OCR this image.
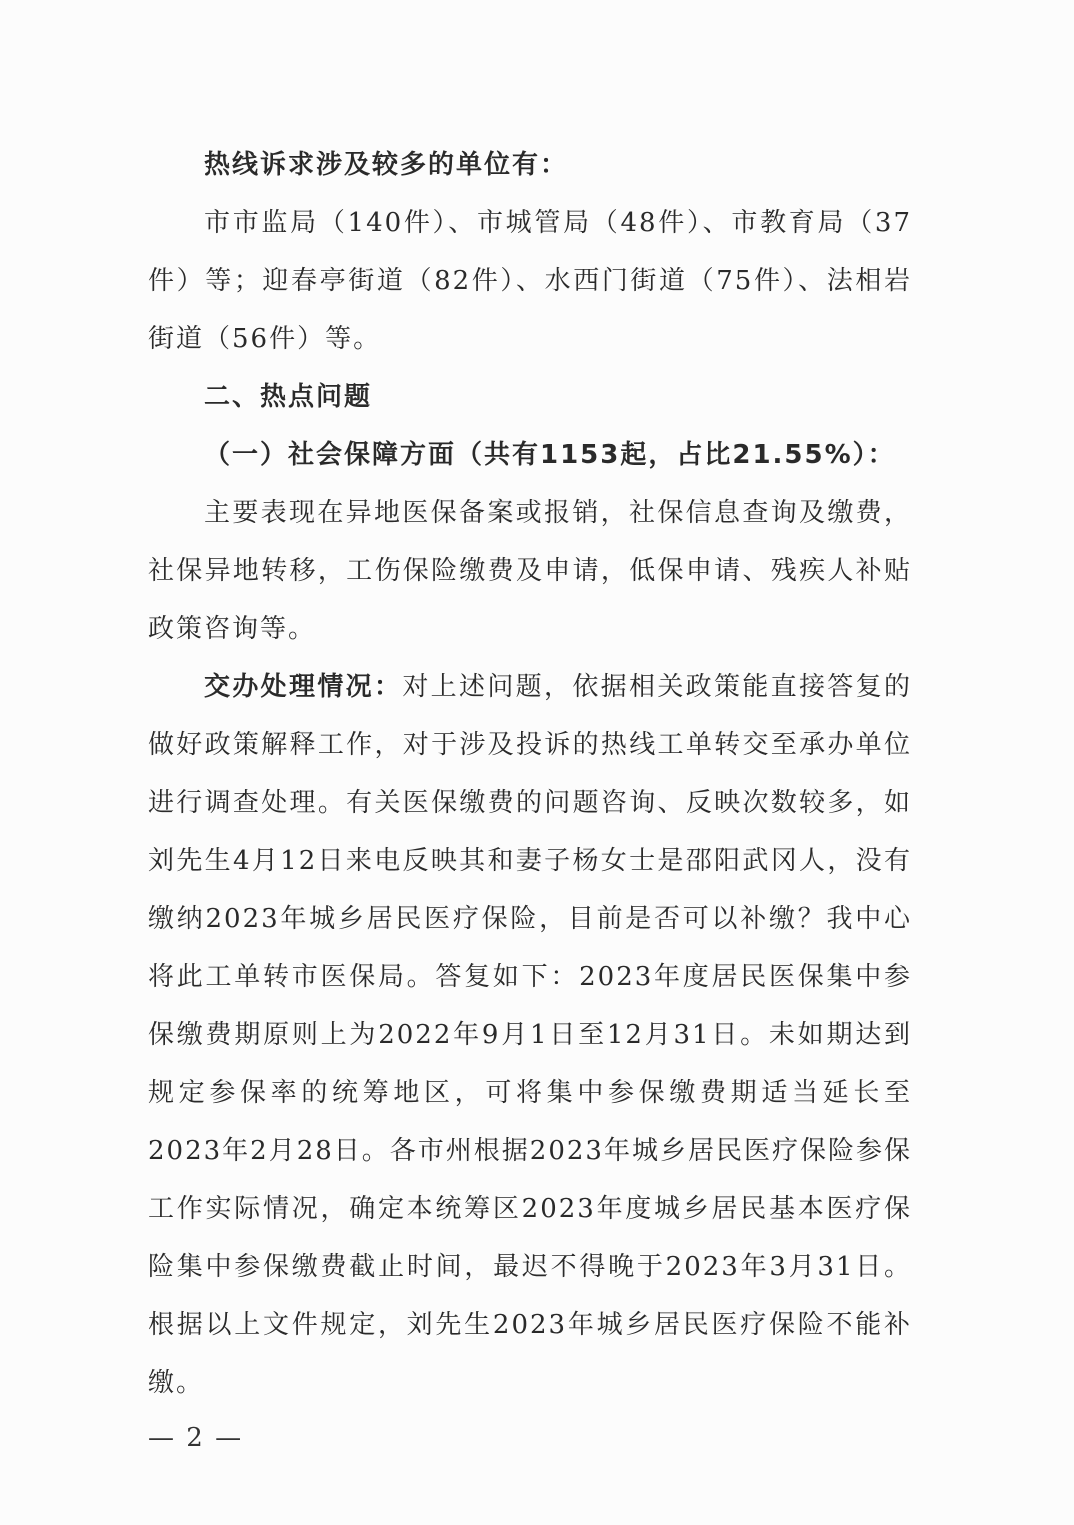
热线诉求涉及较多的单位有：

市市监局（140件）、市城管局（48件）、市教育局（37件）等；迎春亭街道（82件）、水西门街道（75件）、法相岩街道（56件）等。

二、热点问题

（一）社会保障方面（共有1153起，占比21.55%）：

主要表现在异地医保备案或报销，社保信息查询及缴费，社保异地转移，工伤保险缴费及申请，低保申请、残疾人补贴政策咨询等。

交办处理情况：对上述问题，依据相关政策能直接答复的做好政策解释工作，对于涉及投诉的热线工单转交至承办单位进行调查处理。有关医保缴费的问题咨询、反映次数较多，如刘先生4月12日来电反映其和妻子杨女士是邵阳武冈人，没有缴纳2023年城乡居民医疗保险，目前是否可以补缴？我中心将此工单转市医保局。答复如下：2023年度居民医保集中参保缴费期原则上为2022年9月1日至12月31日。未如期达到规定参保率的统筹地区，可将集中参保缴费期适当延长至2023年2月28日。各市州根据2023年城乡居民医疗保险参保工作实际情况，确定本统筹区2023年度城乡居民基本医疗保险集中参保缴费截止时间，最迟不得晚于2023年3月31日。根据以上文件规定，刘先生2023年城乡居民医疗保险不能补缴。

— 2 —
